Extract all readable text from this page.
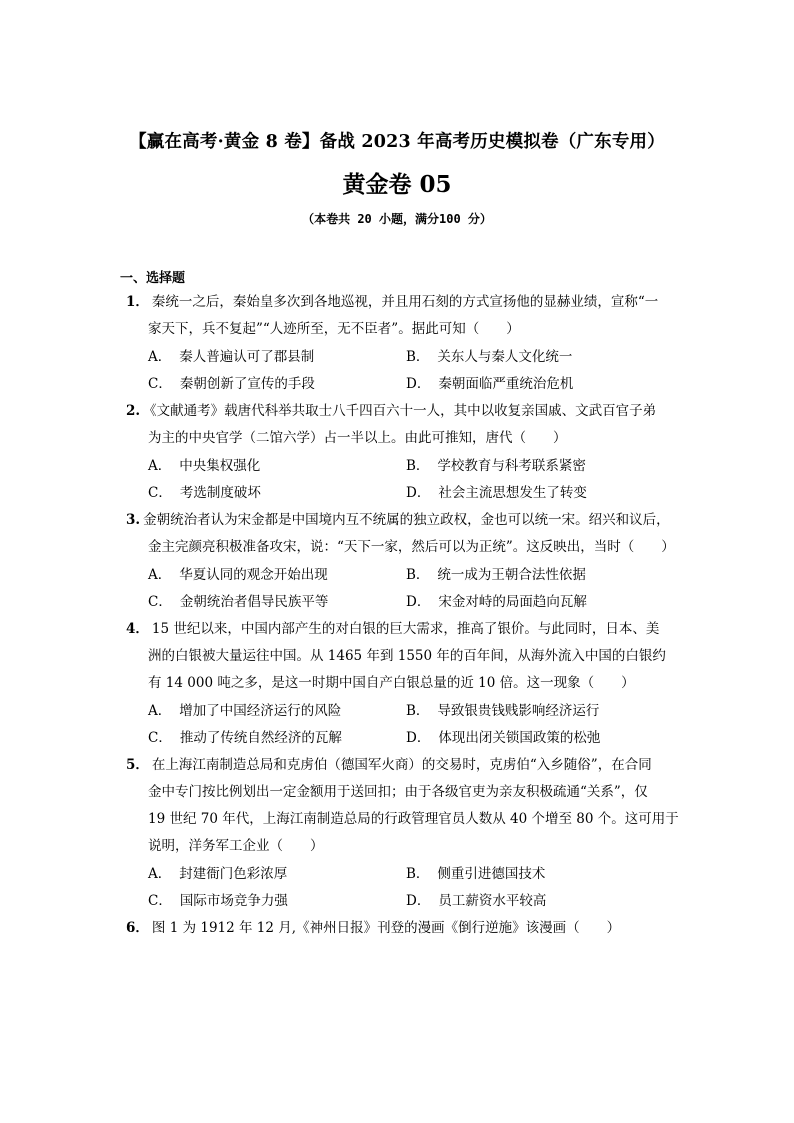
【赢在高考·黄金 8 卷】备战 2023 年高考历史模拟卷（广东专用）
黄金卷 05
（本卷共 20 小题，满分100 分）
一、选择题
1． 秦统一之后，秦始皇多次到各地巡视，并且用石刻的方式宣扬他的显赫业绩，宣称“一
家天下，兵不复起”“人迹所至，无不臣者”。据此可知（　　）
A． 秦人普遍认可了郡县制	B． 关东人与秦人文化统一
C． 秦朝创新了宣传的手段	D． 秦朝面临严重统治危机
2. 《文献通考》载唐代科举共取士八千四百六十一人，其中以收复亲国戚、文武百官子弟
为主的中央官学（二馆六学）占一半以上。由此可推知，唐代（　　）
A． 中央集权强化	B． 学校教育与科考联系紧密
C． 考选制度破坏	D． 社会主流思想发生了转变
3. 金朝统治者认为宋金都是中国境内互不统属的独立政权，金也可以统一宋。绍兴和议后，
金主完颜亮积极准备攻宋，说：“天下一家，然后可以为正统”。这反映出，当时（　　）
A． 华夏认同的观念开始出现	B． 统一成为王朝合法性依据
C． 金朝统治者倡导民族平等	D． 宋金对峙的局面趋向瓦解
4． 15 世纪以来，中国内部产生的对白银的巨大需求，推高了银价。与此同时，日本、美
洲的白银被大量运往中国。从 1465 年到 1550 年的百年间，从海外流入中国的白银约
有 14 000 吨之多，是这一时期中国自产白银总量的近 10 倍。这一现象（　　）
A． 增加了中国经济运行的风险	B． 导致银贵钱贱影响经济运行
C． 推动了传统自然经济的瓦解	D． 体现出闭关锁国政策的松弛
5． 在上海江南制造总局和克虏伯（德国军火商）的交易时，克虏伯“入乡随俗”，在合同
金中专门按比例划出一定金额用于送回扣；由于各级官吏为亲友积极疏通“关系”，仅
19 世纪 70 年代，上海江南制造总局的行政管理官员人数从 40 个增至 80 个。这可用于
说明，洋务军工企业（　　）
A． 封建衙门色彩浓厚	B． 侧重引进德国技术
C． 国际市场竞争力强	D． 员工薪资水平较高
6． 图 1 为 1912 年 12 月,《神州日报》刊登的漫画《倒行逆施》该漫画（　　）
